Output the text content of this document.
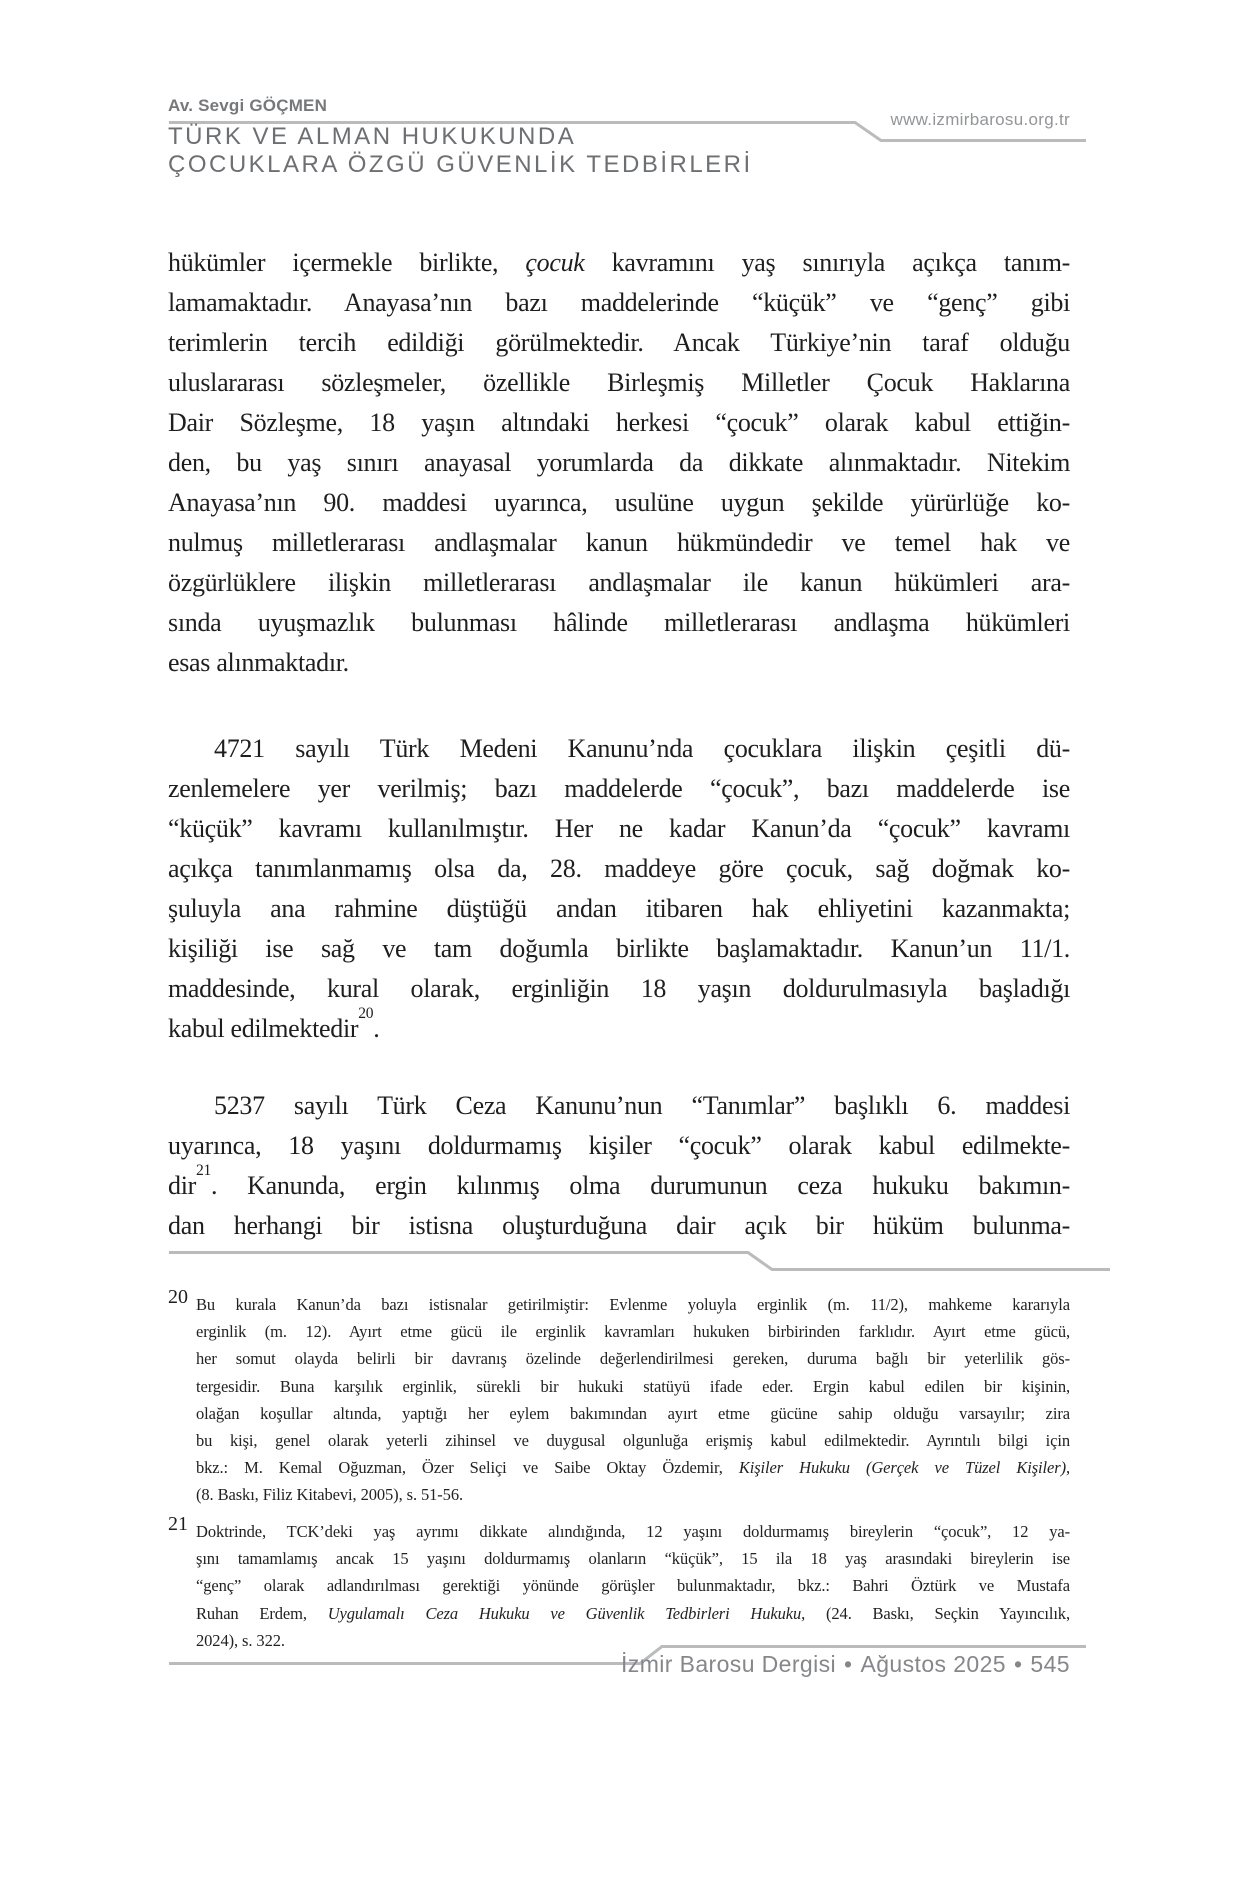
Av. Sevgi GÖÇMEN
www.izmirbarosu.org.tr
TÜRK VE ALMAN HUKUKUNDA
ÇOCUKLARA ÖZGÜ GÜVENLİK TEDBİRLERİ
hükümler içermekle birlikte, çocuk kavramını yaş sınırıyla açıkça tanım-
lamamaktadır. Anayasa’nın bazı maddelerinde “küçük” ve “genç” gibi
terimlerin tercih edildiği görülmektedir. Ancak Türkiye’nin taraf olduğu
uluslararası sözleşmeler, özellikle Birleşmiş Milletler Çocuk Haklarına
Dair Sözleşme, 18 yaşın altındaki herkesi “çocuk” olarak kabul ettiğin-
den, bu yaş sınırı anayasal yorumlarda da dikkate alınmaktadır. Nitekim
Anayasa’nın 90. maddesi uyarınca, usulüne uygun şekilde yürürlüğe ko-
nulmuş milletlerarası andlaşmalar kanun hükmündedir ve temel hak ve
özgürlüklere ilişkin milletlerarası andlaşmalar ile kanun hükümleri ara-
sında uyuşmazlık bulunması hâlinde milletlerarası andlaşma hükümleri
esas alınmaktadır.
4721 sayılı Türk Medeni Kanunu’nda çocuklara ilişkin çeşitli dü-
zenlemelere yer verilmiş; bazı maddelerde “çocuk”, bazı maddelerde ise
“küçük” kavramı kullanılmıştır. Her ne kadar Kanun’da “çocuk” kavramı
açıkça tanımlanmamış olsa da, 28. maddeye göre çocuk, sağ doğmak ko-
şuluyla ana rahmine düştüğü andan itibaren hak ehliyetini kazanmakta;
kişiliği ise sağ ve tam doğumla birlikte başlamaktadır. Kanun’un 11/1.
maddesinde, kural olarak, erginliğin 18 yaşın doldurulmasıyla başladığı
kabul edilmektedir$^{20}$.
5237 sayılı Türk Ceza Kanunu’nun “Tanımlar” başlıklı 6. maddesi
uyarınca, 18 yaşını doldurmamış kişiler “çocuk” olarak kabul edilmekte-
dir$^{21}$. Kanunda, ergin kılınmış olma durumunun ceza hukuku bakımın-
dan herhangi bir istisna oluşturduğuna dair açık bir hüküm bulunma-
20 Bu kurala Kanun’da bazı istisnalar getirilmiştir: Evlenme yoluyla erginlik (m. 11/2), mahkeme kararıyla
erginlik (m. 12). Ayırt etme gücü ile erginlik kavramları hukuken birbirinden farklıdır. Ayırt etme gücü,
her somut olayda belirli bir davranış özelinde değerlendirilmesi gereken, duruma bağlı bir yeterlilik gös-
tergesidir. Buna karşılık erginlik, sürekli bir hukuki statüyü ifade eder. Ergin kabul edilen bir kişinin,
olağan koşullar altında, yaptığı her eylem bakımından ayırt etme gücüne sahip olduğu varsayılır; zira
bu kişi, genel olarak yeterli zihinsel ve duygusal olgunluğa erişmiş kabul edilmektedir. Ayrıntılı bilgi için
bkz.: M. Kemal Oğuzman, Özer Seliçi ve Saibe Oktay Özdemir, Kişiler Hukuku (Gerçek ve Tüzel Kişiler),
(8. Baskı, Filiz Kitabevi, 2005), s. 51-56.
21 Doktrinde, TCK’deki yaş ayrımı dikkate alındığında, 12 yaşını doldurmamış bireylerin “çocuk”, 12 ya-
şını tamamlamış ancak 15 yaşını doldurmamış olanların “küçük”, 15 ila 18 yaş arasındaki bireylerin ise
“genç” olarak adlandırılması gerektiği yönünde görüşler bulunmaktadır, bkz.: Bahri Öztürk ve Mustafa
Ruhan Erdem, Uygulamalı Ceza Hukuku ve Güvenlik Tedbirleri Hukuku, (24. Baskı, Seçkin Yayıncılık,
2024), s. 322.
İzmir Barosu Dergisi • Ağustos 2025 • 545
